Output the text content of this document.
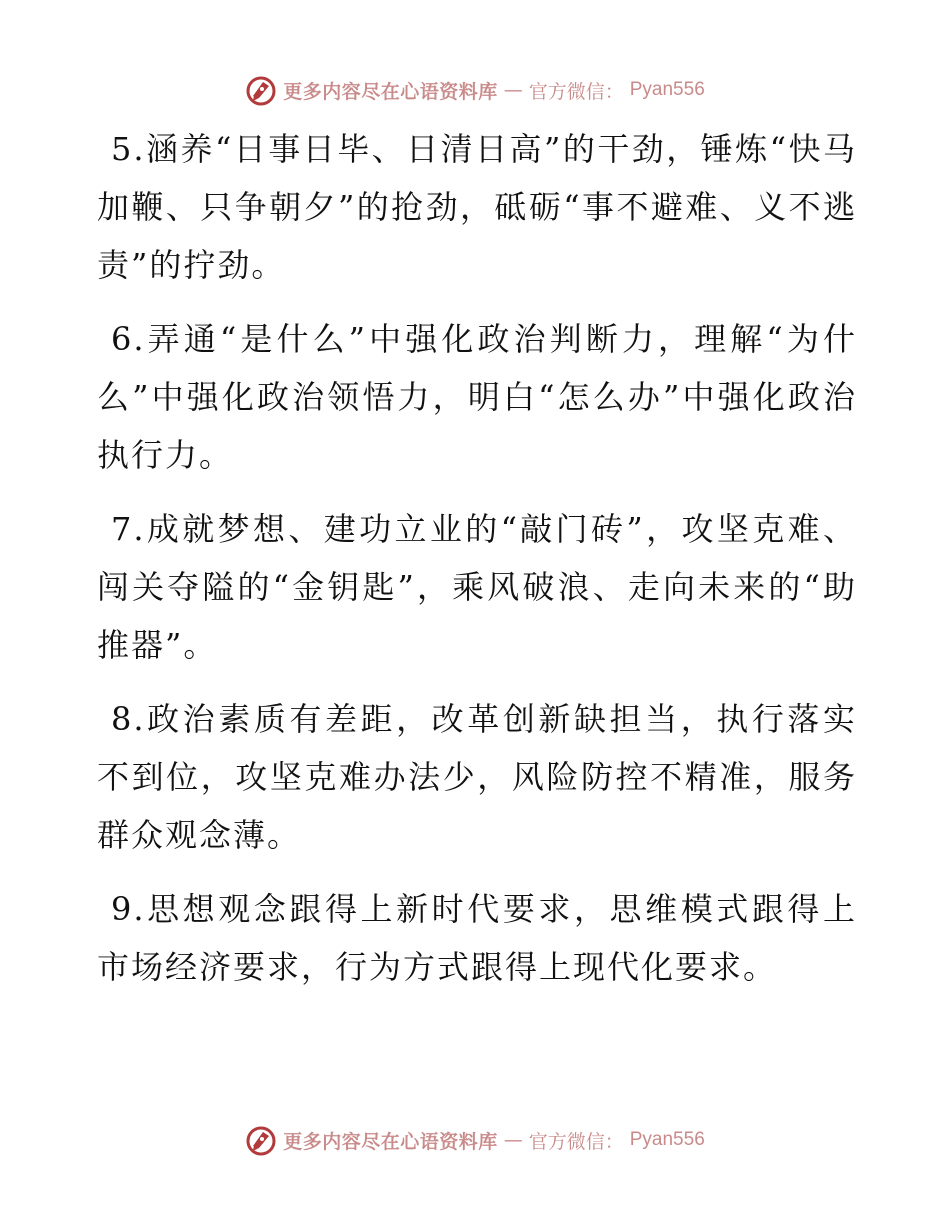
更多内容尽在心语资料库 — 官方微信： Pyan556

5.涵养“日事日毕、日清日高”的干劲，锤炼“快马加鞭、只争朝夕”的抢劲，砥砺“事不避难、义不逃责”的拧劲。

6.弄通“是什么”中强化政治判断力，理解“为什么”中强化政治领悟力，明白“怎么办”中强化政治执行力。

7.成就梦想、建功立业的“敲门砖”，攻坚克难、闯关夺隘的“金钥匙”，乘风破浪、走向未来的“助推器”。

8.政治素质有差距，改革创新缺担当，执行落实不到位，攻坚克难办法少，风险防控不精准，服务群众观念薄。

9.思想观念跟得上新时代要求，思维模式跟得上市场经济要求，行为方式跟得上现代化要求。

更多内容尽在心语资料库 — 官方微信： Pyan556
